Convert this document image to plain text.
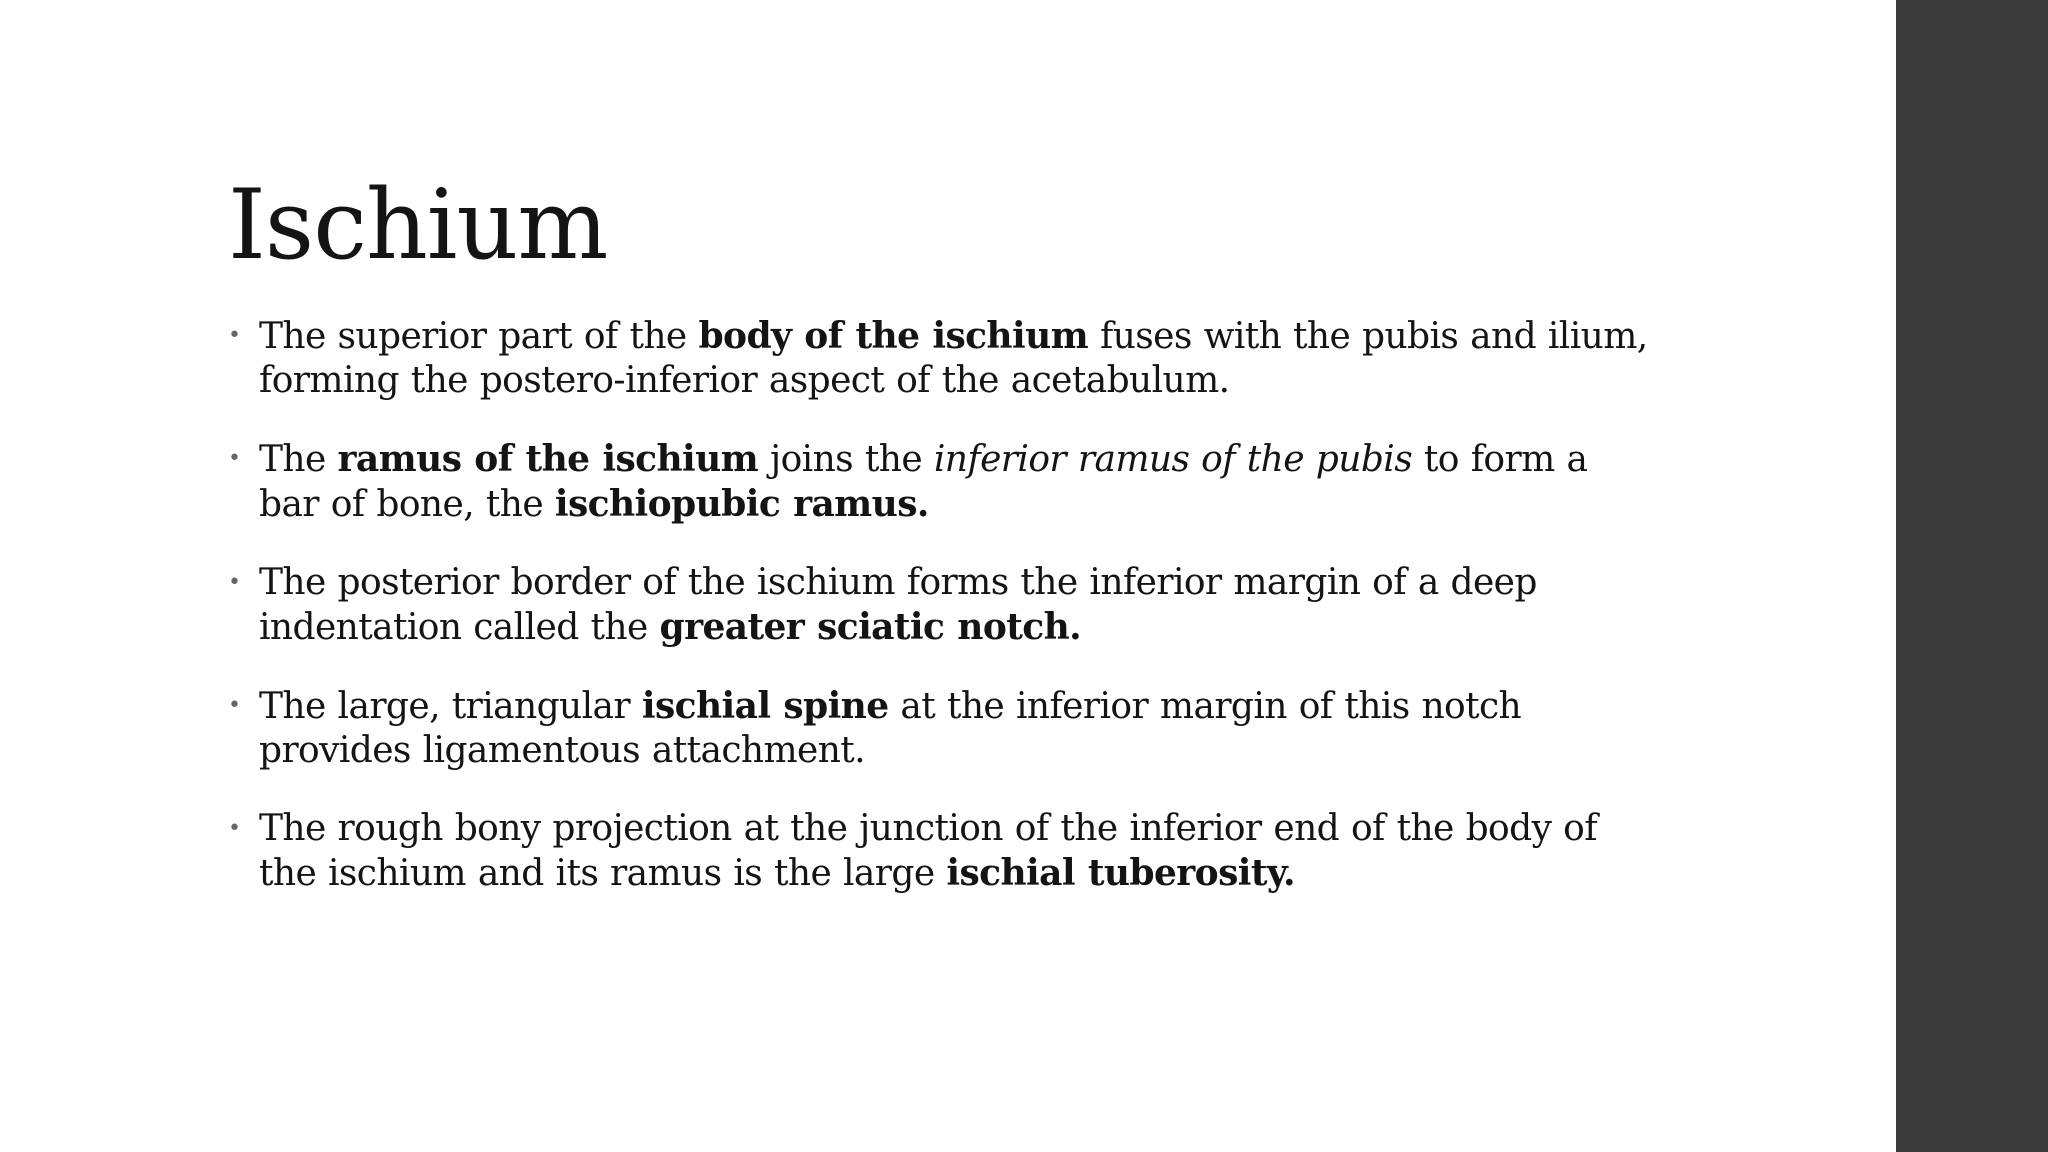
Ischium
• The superior part of the body of the ischium fuses with the pubis and ilium, forming the postero-inferior aspect of the acetabulum.
• The ramus of the ischium joins the inferior ramus of the pubis to form a bar of bone, the ischiopubic ramus.
• The posterior border of the ischium forms the inferior margin of a deep indentation called the greater sciatic notch.
• The large, triangular ischial spine at the inferior margin of this notch provides ligamentous attachment.
• The rough bony projection at the junction of the inferior end of the body of the ischium and its ramus is the large ischial tuberosity.
